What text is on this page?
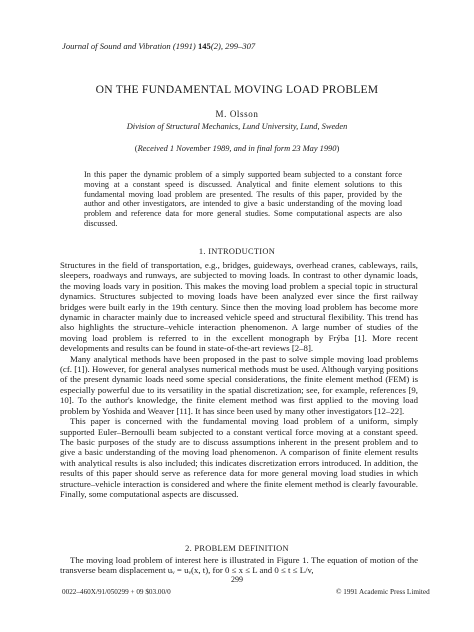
Journal of Sound and Vibration (1991) 145(2), 299–307
ON THE FUNDAMENTAL MOVING LOAD PROBLEM
M. Olsson
Division of Structural Mechanics, Lund University, Lund, Sweden
(Received 1 November 1989, and in final form 23 May 1990)
In this paper the dynamic problem of a simply supported beam subjected to a constant force moving at a constant speed is discussed. Analytical and finite element solutions to this fundamental moving load problem are presented. The results of this paper, provided by the author and other investigators, are intended to give a basic understanding of the moving load problem and reference data for more general studies. Some computational aspects are also discussed.
1. INTRODUCTION

Structures in the field of transportation, e.g., bridges, guideways, overhead cranes, cableways, rails, sleepers, roadways and runways, are subjected to moving loads. In contrast to other dynamic loads, the moving loads vary in position. This makes the moving load problem a special topic in structural dynamics. Structures subjected to moving loads have been analyzed ever since the first railway bridges were built early in the 19th century. Since then the moving load problem has become more dynamic in character mainly due to increased vehicle speed and structural flexibility. This trend has also highlights the structure–vehicle interaction phenomenon. A large number of studies of the moving load problem is referred to in the excellent monograph by Frýba [1]. More recent developments and results can be found in state-of-the-art reviews [2–8].

Many analytical methods have been proposed in the past to solve simple moving load problems (cf. [1]). However, for general analyses numerical methods must be used. Although varying positions of the present dynamic loads need some special considerations, the finite element method (FEM) is especially powerful due to its versatility in the spatial discretization; see, for example, references [9, 10]. To the author's knowledge, the finite element method was first applied to the moving load problem by Yoshida and Weaver [11]. It has since been used by many other investigators [12–22].

This paper is concerned with the fundamental moving load problem of a uniform, simply supported Euler–Bernoulli beam subjected to a constant vertical force moving at a constant speed. The basic purposes of the study are to discuss assumptions inherent in the present problem and to give a basic understanding of the moving load phenomenon. A comparison of finite element results with analytical results is also included; this indicates discretization errors introduced. In addition, the results of this paper should serve as reference data for more general moving load studies in which structure–vehicle interaction is considered and where the finite element method is clearly favourable. Finally, some computational aspects are discussed.

2. PROBLEM DEFINITION

The moving load problem of interest here is illustrated in Figure 1. The equation of motion of the transverse beam displacement uᵥ = uᵥ(x, t), for 0 ≤ x ≤ L and 0 ≤ t ≤ L/v,

299
0022–460X/91/050299 + 09 $03.00/0	© 1991 Academic Press Limited
